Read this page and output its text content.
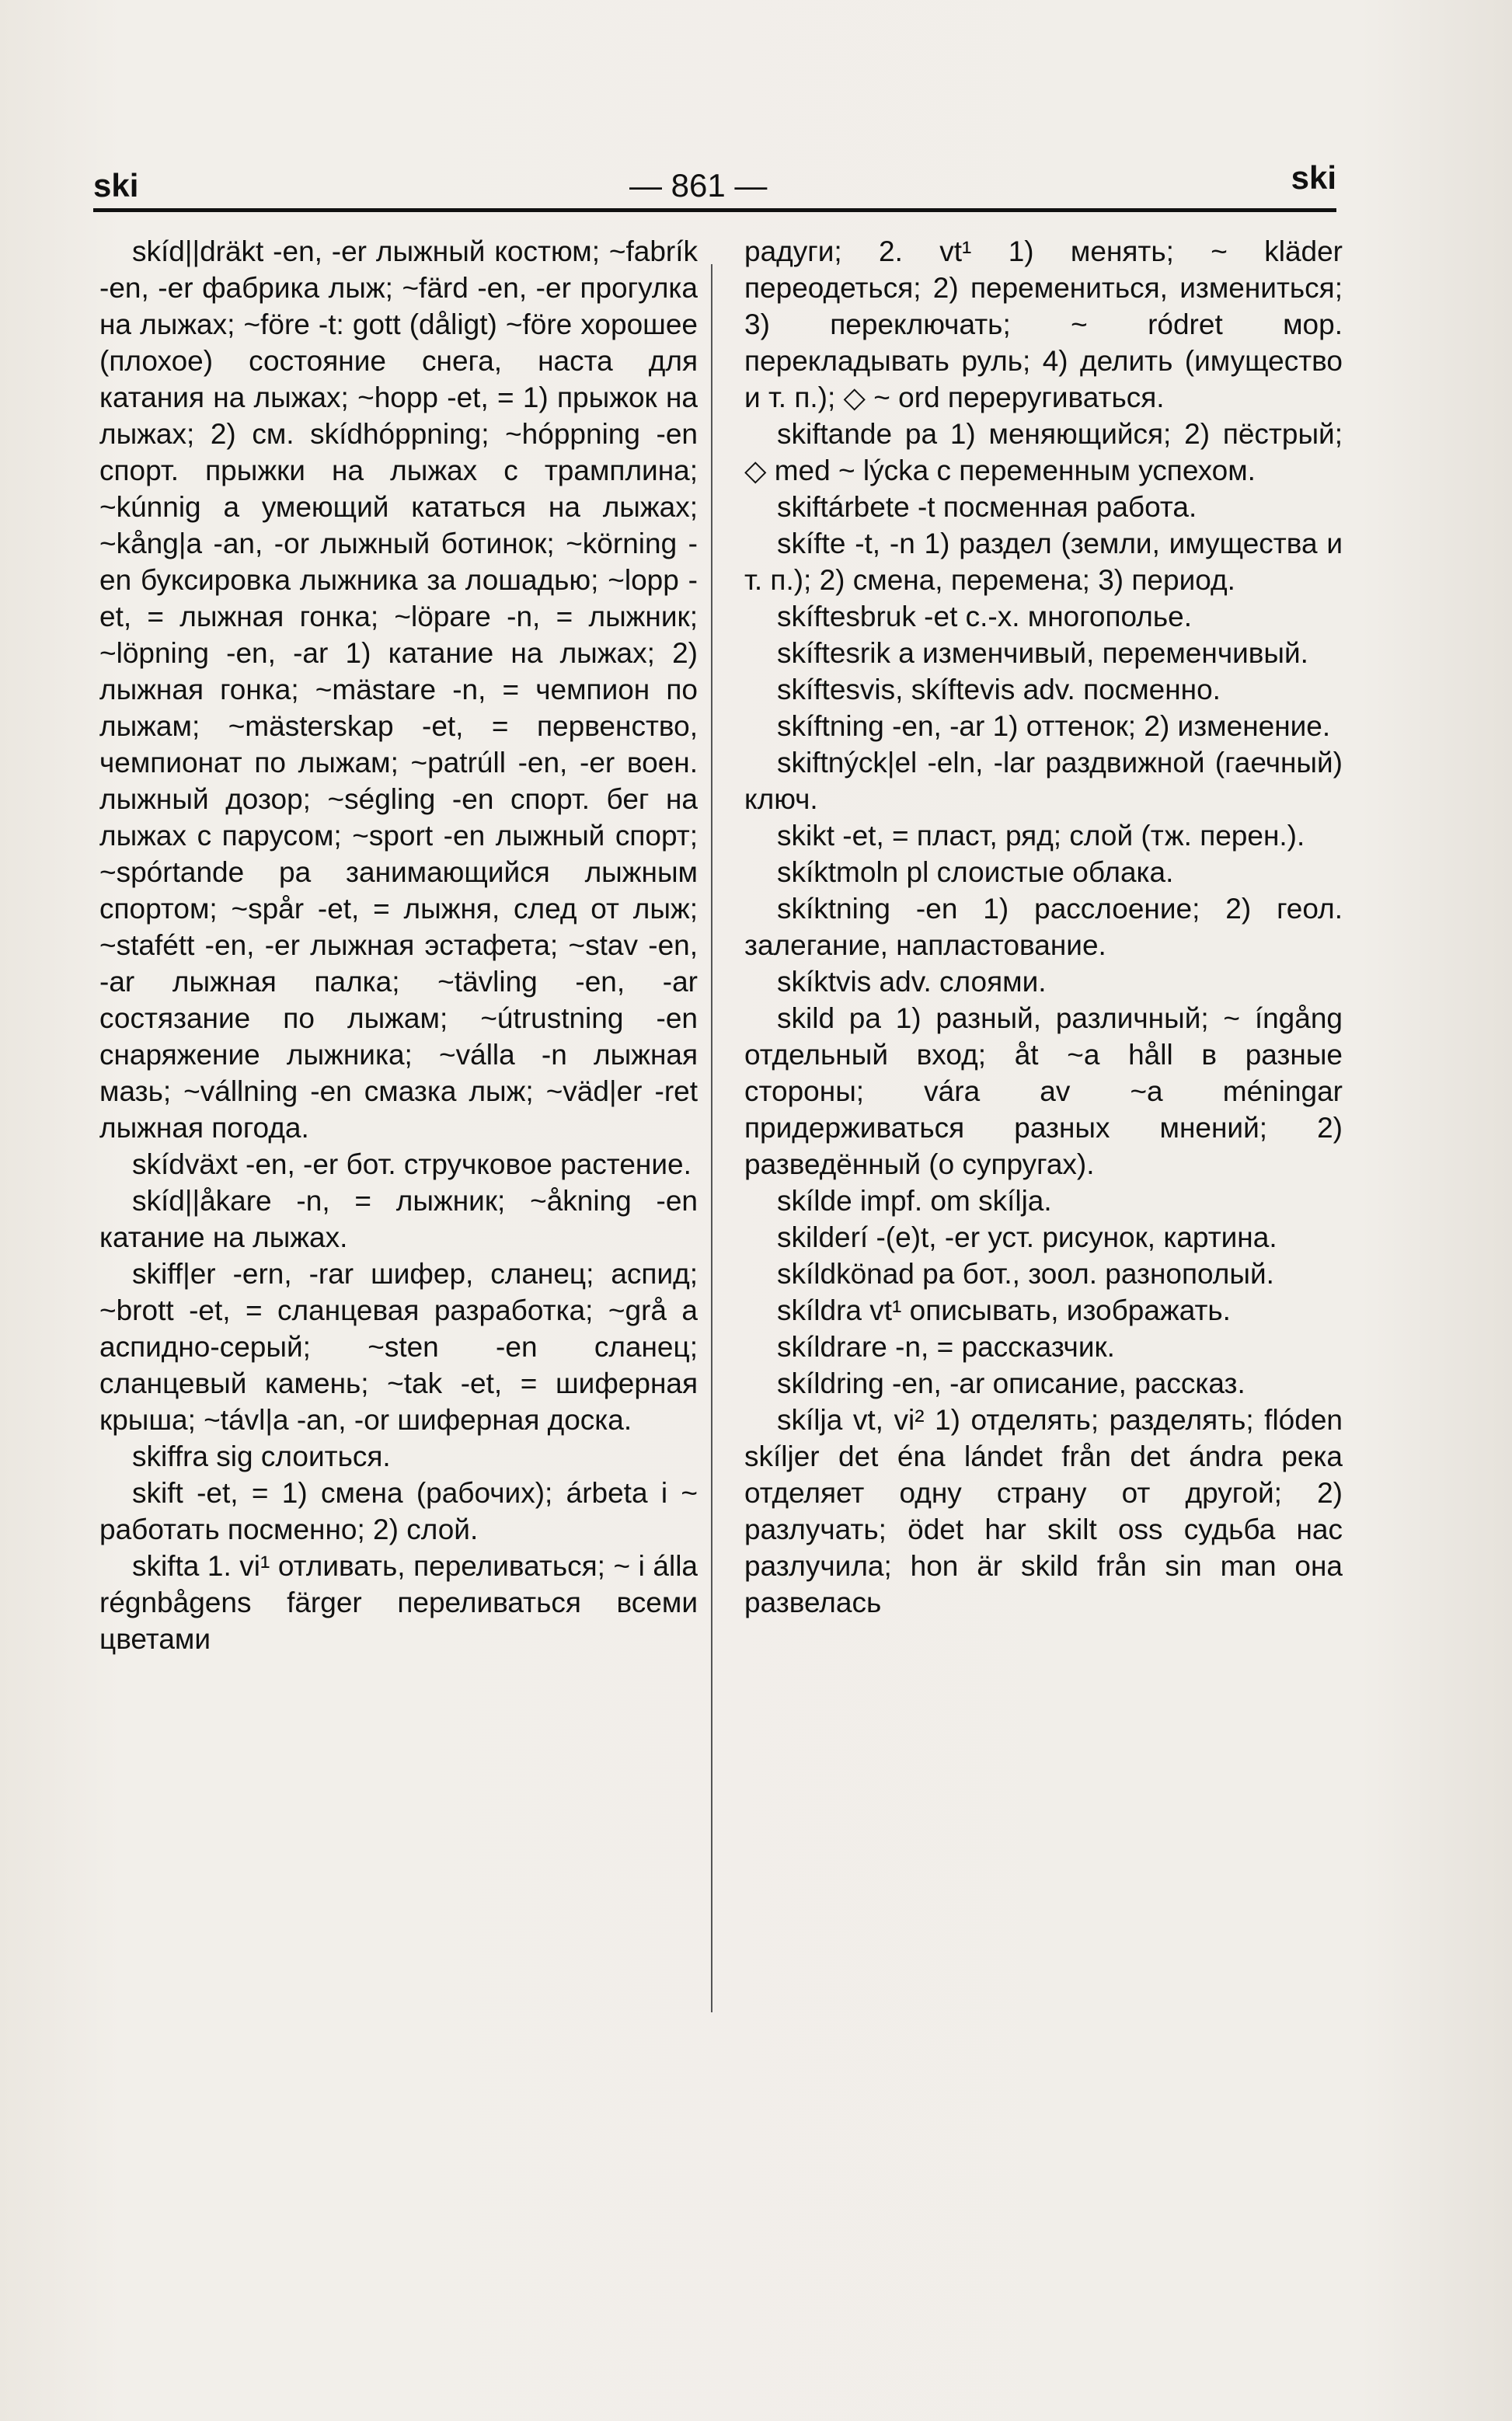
ski	— 861 —	ski

skíd||dräkt -en, -er лыжный костюм; ~fabrík -en, -er фабрика лыж; ~färd -en, -er прогулка на лыжах; ~före -t: gott (dåligt) ~före хорошее (плохое) состояние снега, наста для катания на лыжах; ~hopp -et, = 1) прыжок на лыжах; 2) см. skídhóppning; ~hóppning -en спорт. прыжки на лыжах с трамплина; ~kúnnig a умеющий кататься на лыжах; ~kång|a -an, -or лыжный ботинок; ~körning -en буксировка лыжника за лошадью; ~lopp -et, = лыжная гонка; ~löpare -n, = лыжник; ~löpning -en, -ar 1) катание на лыжах; 2) лыжная гонка; ~mästare -n, = чемпион по лыжам; ~mästerskap -et, = первенство, чемпионат по лыжам; ~patrúll -en, -er воен. лыжный дозор; ~ségling -en спорт. бег на лыжах с парусом; ~sport -en лыжный спорт; ~spórtande pa занимающийся лыжным спортом; ~spår -et, = лыжня, след от лыж; ~stafétt -en, -er лыжная эстафета; ~stav -en, -ar лыжная палка; ~tävling -en, -ar состязание по лыжам; ~útrustning -en снаряжение лыжника; ~válla -n лыжная мазь; ~vállning -en смазка лыж; ~väd|er -ret лыжная погода.

skídväxt -en, -er бот. стручковое растение.

skíd||åkare -n, = лыжник; ~åkning -en катание на лыжах.

skiff|er -ern, -rar шифер, сланец; аспид; ~brott -et, = сланцевая разработка; ~grå a аспидно-серый; ~sten -en сланец; сланцевый камень; ~tak -et, = шиферная крыша; ~távl|a -an, -or шиферная доска.

skiffra sig слоиться.

skift -et, = 1) смена (рабочих); árbeta i ~ работать посменно; 2) слой.

skifta 1. vi¹ отливать, переливаться; ~ i álla régnbågens färger переливаться всеми цветами

радуги; 2. vt¹ 1) менять; ~ kläder переодеться; 2) перемениться, измениться; 3) переключать; ~ ródret мор. перекладывать руль; 4) делить (имущество и т. п.); ◇ ~ ord переругиваться.

skiftande pa 1) меняющийся; 2) пёстрый; ◇ med ~ lýcka с переменным успехом.

skiftárbete -t посменная работа.

skífte -t, -n 1) раздел (земли, имущества и т. п.); 2) смена, перемена; 3) период.

skíftesbruk -et с.-х. многополье.

skíftesrik a изменчивый, переменчивый.

skíftesvis, skíftevis adv. посменно.

skíftning -en, -ar 1) оттенок; 2) изменение.

skiftnýck|el -eln, -lar раздвижной (гаечный) ключ.

skikt -et, = пласт, ряд; слой (тж. перен.).

skíktmoln pl слоистые облака.

skíktning -en 1) расслоение; 2) геол. залегание, напластование.

skíktvis adv. слоями.

skild pa 1) разный, различный; ~ íngång отдельный вход; åt ~a håll в разные стороны; vára av ~a méningar придерживаться разных мнений; 2) разведённый (о супругах).

skílde impf. om skílja.

skilderí -(e)t, -er уст. рисунок, картина.

skíldkönad pa бот., зоол. разнополый.

skíldra vt¹ описывать, изображать.

skíldrare -n, = рассказчик.

skíldring -en, -ar описание, рассказ.

skílja vt, vi² 1) отделять; разделять; flóden skíljer det éna lándet från det ándra река отделяет одну страну от другой; 2) разлучать; ödet har skilt oss судьба нас разлучила; hon är skild från sin man она развелась
